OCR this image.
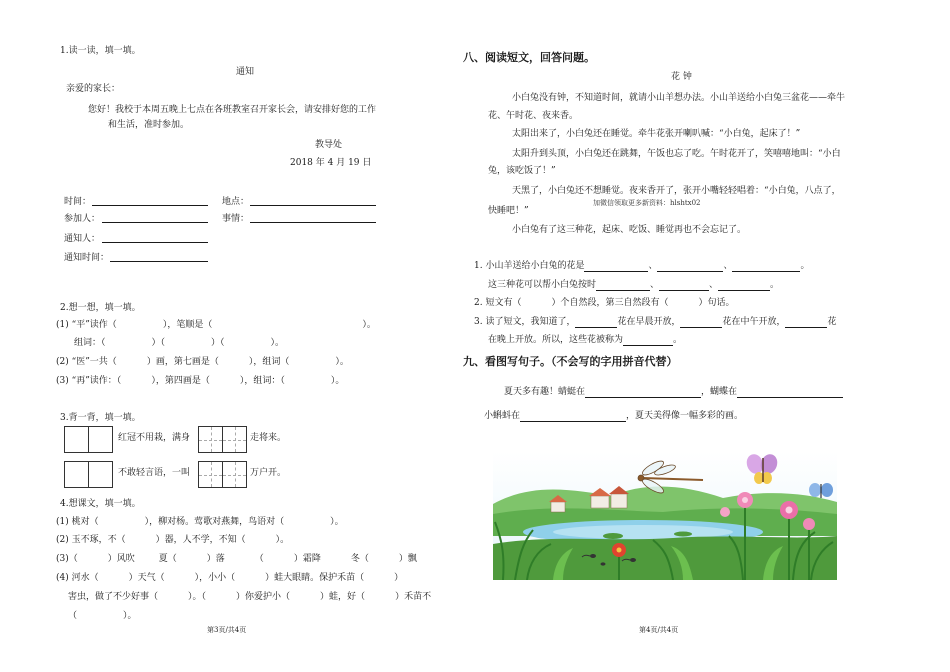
1.读一读，填一填。
通知
亲爱的家长：
您好！我校于本周五晚上七点在各班教室召开家长会，请安排好您的工作
和生活，准时参加。
教导处
2018 年 4 月 19 日
时间：	地点：
参加人：	事情：
通知人：
通知时间：
2.想一想，填一填。
(1) “平”读作（	），笔顺是（	）。
组词：（	）（	）（	）。
(2) “医”一共（	）画，第七画是（	），组词（	）。
(3) “再”读作：（	），第四画是（	），组词：（	）。
3.背一背，填一填。
红冠不用栽，满身	走将来。
不敢轻言语，一叫	万户开。
4.想课文，填一填。
(1) 桃对（	），柳对杨。莺歌对燕舞，鸟语对（	）。
(2) 玉不琢，不（	）器，人不学，不知（	）。
(3)（	）风吹	夏（	）落	（	）霜降	冬（	）飘
(4) 河水（	）天气（	），小小（	）蛙大眼睛。保护禾苗（	）
害虫，做了不少好事（	）。（	）你爱护小（	）蛙，好（	）禾苗不
（	）。
第3页/共4页
八、阅读短文，回答问题。
花 钟
小白兔没有钟，不知道时间，就请小山羊想办法。小山羊送给小白兔三盆花——牵牛
花、午时花、夜来香。
太阳出来了，小白兔还在睡觉。牵牛花张开喇叭喊：“小白兔，起床了！”
太阳升到头顶，小白兔还在跳舞，午饭也忘了吃。午时花开了，笑嘻嘻地叫：“小白
兔，该吃饭了！”
天黑了，小白兔还不想睡觉。夜来香开了，张开小嘴轻轻唱着：“小白兔，八点了，
加微信领取更多新资料：hlshtx02
快睡吧！”
小白兔有了这三种花，起床、吃饭、睡觉再也不会忘记了。
1. 小山羊送给小白兔的花是	、	、	。
这三种花可以帮小白兔按时	、	、	。
2. 短文有（	）个自然段，第三自然段有（	）句话。
3. 读了短文，我知道了，	花在早晨开放，	花在中午开放，	花
在晚上开放。所以，这些花被称为	。
九、看图写句子。（不会写的字用拼音代替）
夏天多有趣！蜻蜓在	，蝴蝶在
小蝌蚪在	，夏天美得像一幅多彩的画。
第4页/共4页
